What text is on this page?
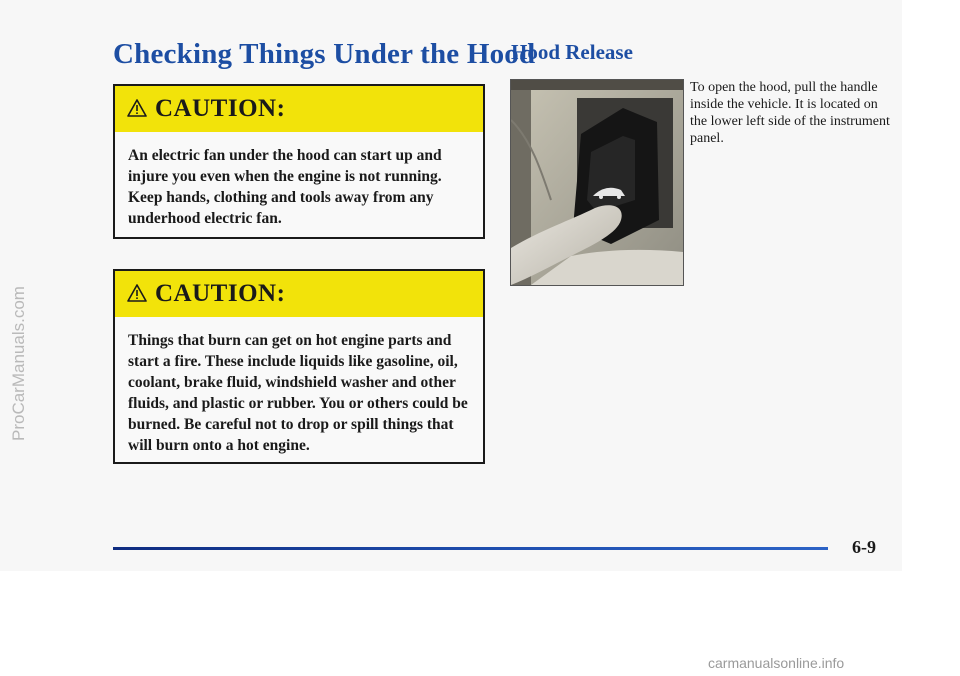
Checking Things Under the Hood
Hood Release
CAUTION:
An electric fan under the hood can start up and injure you even when the engine is not running. Keep hands, clothing and tools away from any underhood electric fan.
CAUTION:
Things that burn can get on hot engine parts and start a fire. These include liquids like gasoline, oil, coolant, brake fluid, windshield washer and other fluids, and plastic or rubber. You or others could be burned. Be careful not to drop or spill things that will burn onto a hot engine.
To open the hood, pull the handle inside the vehicle. It is located on the lower left side of the instrument panel.
6-9
ProCarManuals.com
carmanualsonline.info
